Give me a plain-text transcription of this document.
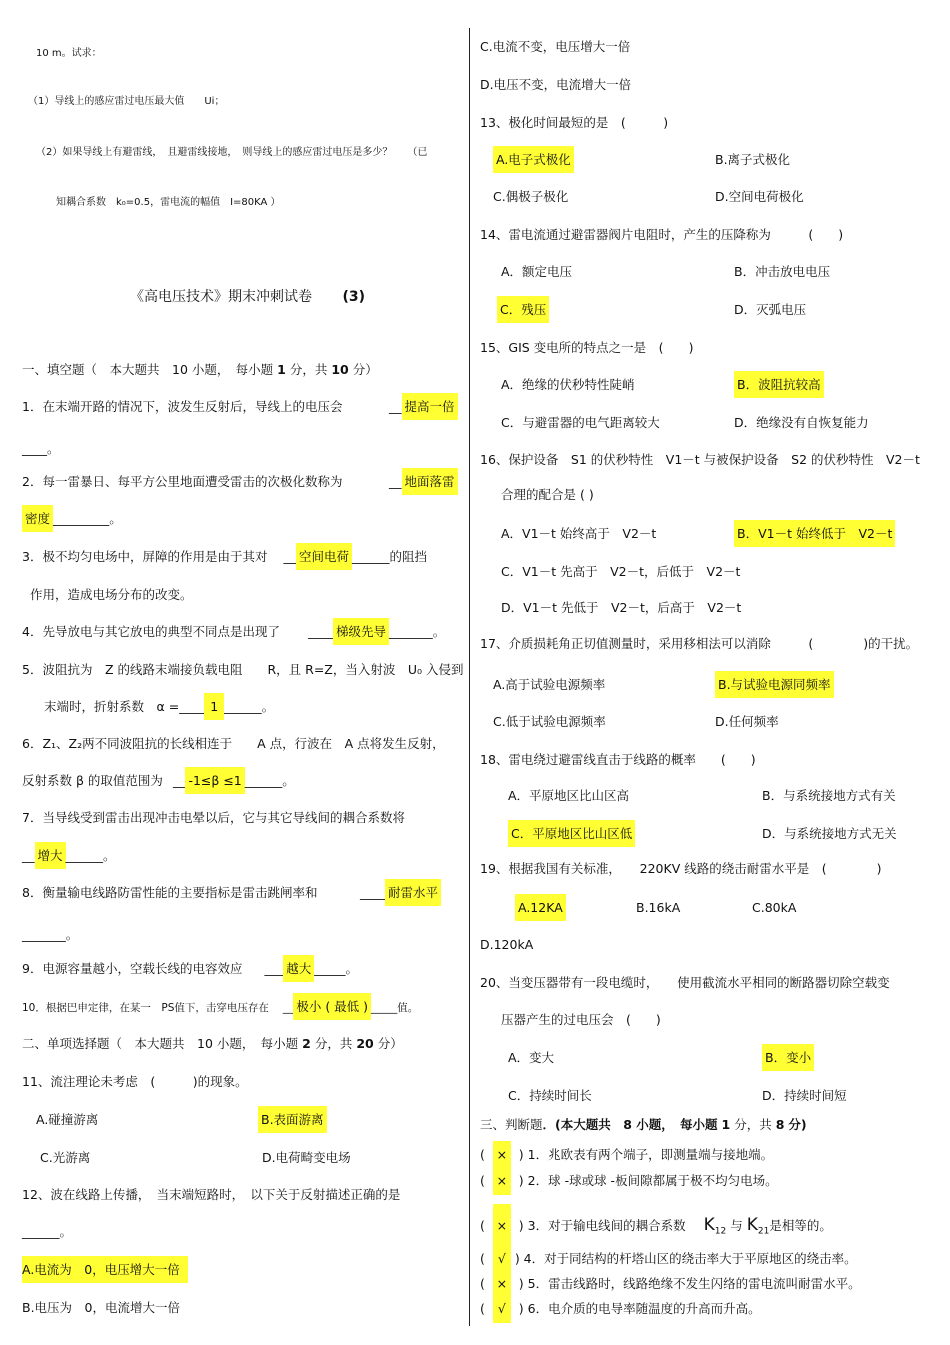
10 m。试求：
（1）导线上的感应雷过电压最大值　　Ui；
（2）如果导线上有避雷线，　且避雷线接地，　则导线上的感应雷过电压是多少？　　（已
知耦合系数　k₀=0.5，雷电流的幅值　I=80KA ）
《高电压技术》期末冲刺试卷 (3)
一、填空题（　本大题共　10 小题，　每小题 1 分，共 10 分）
1．在末端开路的情况下，波发生反射后，导线上的电压会	__ 提高一倍
____。
2．每一雷暴日、每平方公里地面遭受雷击的次极化数称为	__ 地面落雷
密度 _________。
3．极不均匀电场中，屏障的作用是由于其对 __ 空间电荷 ______的阻挡
作用，造成电场分布的改变。
4．先导放电与其它放电的典型不同点是出现了 ____ 梯级先导 _______。
5．波阻抗为　Z 的线路末端接负载电阻　　R，且 R=Z，当入射波　U₀ 入侵到
末端时，折射系数　α =____ 1 ______。
6．Z₁、Z₂两不同波阻抗的长线相连于　　A 点，行波在　A 点将发生反射，
反射系数 β 的取值范围为 __ -1≤β ≤1 ______。
7．当导线受到雷击出现冲击电晕以后，它与其它导线间的耦合系数将
__ 增大 ______。
8．衡量输电线路防雷性能的主要指标是雷击跳闸率和	____ 耐雷水平
_______。
9．电源容量越小，空载长线的电容效应 ___ 越大 _____。
10．根据巴申定律，在某一　PS值下，击穿电压存在 __ 极小 ( 最低 ) _____值。
二、单项选择题（　本大题共　10 小题，　每小题 2 分，共 20 分）
11、流注理论未考虑　(　　　)的现象。
A.碰撞游离	B.表面游离
C.光游离	D.电荷畸变电场
12、波在线路上传播，　当末端短路时，　以下关于反射描述正确的是
______。
A.电流为　0，电压增大一倍
B.电压为　0，电流增大一倍
C.电流不变，电压增大一倍
D.电压不变，电流增大一倍
13、极化时间最短的是　(　　　)
A.电子式极化	B.离子式极化
C.偶极子极化	D.空间电荷极化
14、雷电流通过避雷器阀片电阻时，产生的压降称为　　　(　　)
A．额定电压	B．冲击放电电压
C．残压	D．灭弧电压
15、GIS 变电所的特点之一是　(　　)
A．绝缘的伏秒特性陡峭	B．波阻抗较高
C．与避雷器的电气距离较大	D．绝缘没有自恢复能力
16、保护设备　S1 的伏秒特性　V1－t 与被保护设备　S2 的伏秒特性　V2－t
合理的配合是 ( )
A．V1－t 始终高于　V2－t	B．V1－t 始终低于　V2－t
C．V1－t 先高于　V2－t，后低于　V2－t
D．V1－t 先低于　V2－t，后高于　V2－t
17、介质损耗角正切值测量时，采用移相法可以消除　　　(　　　　)的干扰。
A.高于试验电源频率	B.与试验电源同频率
C.低于试验电源频率	D.任何频率
18、雷电绕过避雷线直击于线路的概率　　(　　)
A．平原地区比山区高	B．与系统接地方式有关
C．平原地区比山区低	D．与系统接地方式无关
19、根据我国有关标准，　　220KV 线路的绕击耐雷水平是　(　　　　)
A.12KA	B.16kA	C.80kA
D.120kA
20、当变压器带有一段电缆时，　　使用截流水平相同的断路器切除空载变
压器产生的过电压会　(　　)
A．变大	B．变小
C．持续时间长	D．持续时间短
三、判断题．(本大题共　8 小题，　每小题 1 分，共 8 分)
( × ) 1．兆欧表有两个端子，即测量端与接地端。
( × ) 2．球 -球或球 -板间隙都属于极不均匀电场。
( × ) 3．对于输电线间的耦合系数 $K_{12}$ 与 $K_{21}$是相等的。
( √ ) 4．对于同结构的杆塔山区的绕击率大于平原地区的绕击率。
( × ) 5．雷击线路时，线路绝缘不发生闪络的雷电流叫耐雷水平。
( √ ) 6．电介质的电导率随温度的升高而升高。
